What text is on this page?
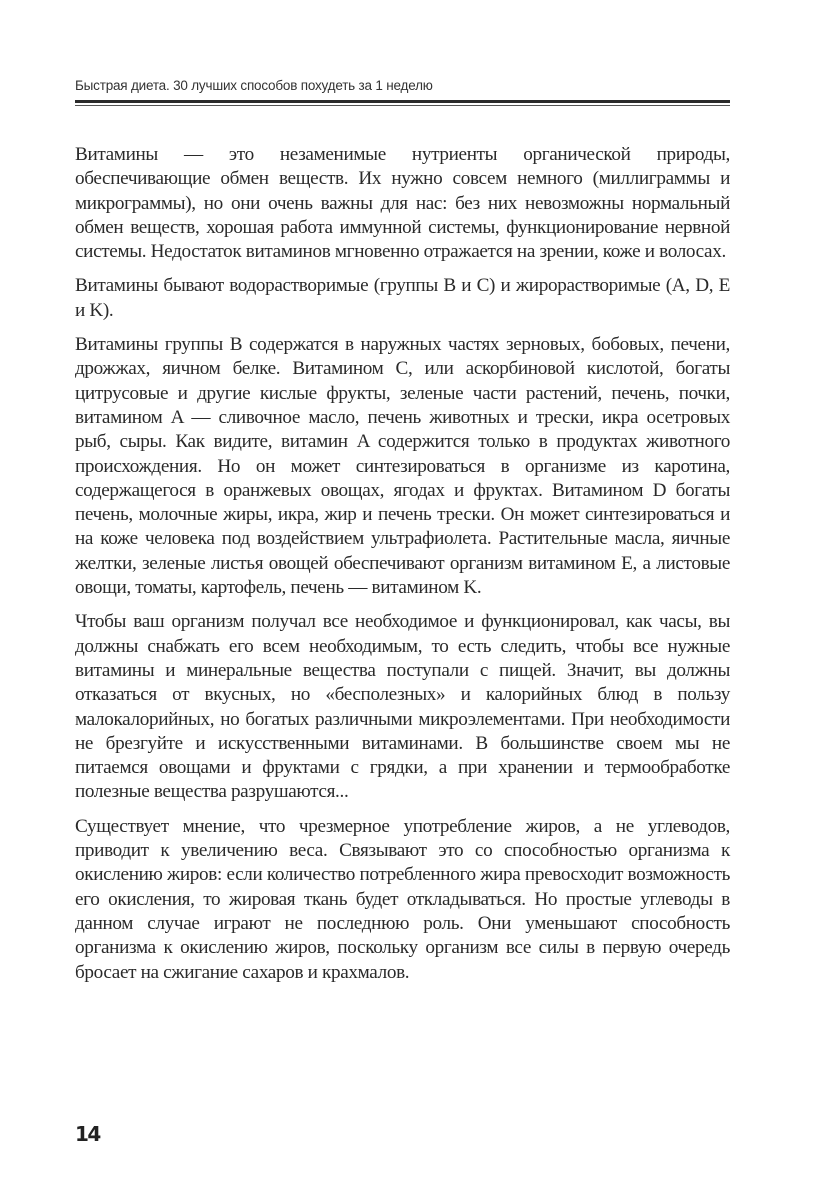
Быстрая диета. 30 лучших способов похудеть за 1 неделю

Витамины — это незаменимые нутриенты органической природы, обеспечивающие обмен веществ. Их нужно совсем немного (миллиграммы и микрограммы), но они очень важны для нас: без них невозможны нормальный обмен веществ, хорошая работа иммунной системы, функционирование нервной системы. Недостаток витаминов мгновенно отражается на зрении, коже и волосах.

Витамины бывают водорастворимые (группы B и C) и жирорастворимые (A, D, E и K).

Витамины группы B содержатся в наружных частях зерновых, бобовых, печени, дрожжах, яичном белке. Витамином C, или аскорбиновой кислотой, богаты цитрусовые и другие кислые фрукты, зеленые части растений, печень, почки, витамином A — сливочное масло, печень животных и трески, икра осетровых рыб, сыры. Как видите, витамин A содержится только в продуктах животного происхождения. Но он может синтезироваться в организме из каротина, содержащегося в оранжевых овощах, ягодах и фруктах. Витамином D богаты печень, молочные жиры, икра, жир и печень трески. Он может синтезироваться и на коже человека под воздействием ультрафиолета. Растительные масла, яичные желтки, зеленые листья овощей обеспечивают организм витамином E, а листовые овощи, томаты, картофель, печень — витамином K.

Чтобы ваш организм получал все необходимое и функционировал, как часы, вы должны снабжать его всем необходимым, то есть следить, чтобы все нужные витамины и минеральные вещества поступали с пищей. Значит, вы должны отказаться от вкусных, но «бесполезных» и калорийных блюд в пользу малокалорийных, но богатых различными микроэлементами. При необходимости не брезгуйте и искусственными витаминами. В большинстве своем мы не питаемся овощами и фруктами с грядки, а при хранении и термообработке полезные вещества разрушаются...

Существует мнение, что чрезмерное употребление жиров, а не углеводов, приводит к увеличению веса. Связывают это со способностью организма к окислению жиров: если количество потребленного жира превосходит возможность его окисления, то жировая ткань будет откладываться. Но простые углеводы в данном случае играют не последнюю роль. Они уменьшают способность организма к окислению жиров, поскольку организм все силы в первую очередь бросает на сжигание сахаров и крахмалов.

14
